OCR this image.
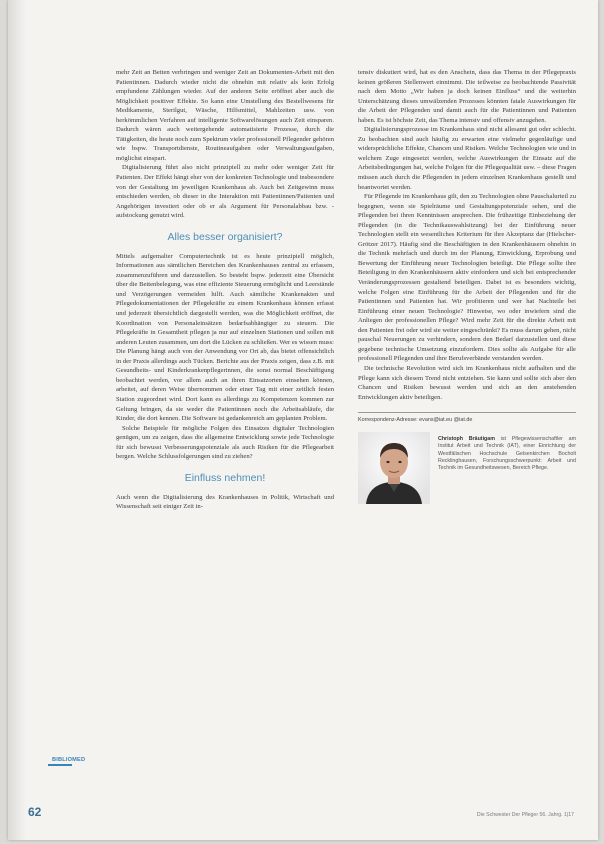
mehr Zeit an Betten verbringen und weniger Zeit an Dokumenten-Arbeit mit den Patientinnen. Dadurch wieder nicht die ohnehin mit relativ als kein Erfolg empfundene Zählungen wieder. Auf der anderen Seite eröffnet aber auch die Möglichkeit positiver Effekte. So kann eine Umstellung des Bestellwesens für Medikamente, Sterilgut, Wäsche, Hilfsmittel, Mahlzeiten usw. von herkömmlichen Verfahren auf intelligente Softwarelösungen auch Zeit einsparen. Dadurch wären auch weitergehende automatisierte Prozesse, durch die Tätigkeiten, die heute noch zum Spektrum vieler professionell Pflegender gehören wie bspw. Transportdienste, Routineaufgaben oder Verwaltungsaufgaben, möglichst einspart.

Digitalisierung führt also nicht prinzipiell zu mehr oder weniger Zeit für Patienten. Der Effekt hängt eher von der konkreten Technologie und insbesondere von der Gestaltung im jeweiligen Krankenhaus ab. Auch bei Zeitgewinn muss entschieden werden, ob dieser in die Interaktion mit Patientinnen/Patienten und Angehörigen investiert oder ob er als Argument für Personalabbau bzw. -aufstockung genutzt wird.

Alles besser organisiert?

Mittels aufgemalter Computertechnik ist es heute prinzipiell möglich, Informationen aus sämtlichen Bereichen des Krankenhauses zentral zu erfassen, zusammenzuführen und darzustellen. So besteht bspw. jederzeit eine Übersicht über die Bettenbelegung, was eine effiziente Steuerung ermöglicht und Leerstände und Verzögerungen vermeiden hilft. Auch sämtliche Krankenakten und Pflegedokumentationen der Pflegekräfte zu einem Krankenhaus können erfasst und jederzeit übersichtlich dargestellt werden, was die Möglichkeit eröffnet, die Koordination von Personaleinsätzen bedarfsabhängiger zu steuern. Die Pflegekräfte in Gesamtheit pflegen ja nur auf einzelnen Stationen und sollen mit anderen Leuten zusammen, um dort die Lücken zu schließen. Wer es wissen muss: Die Planung hängt auch von der Anwendung vor Ort ab, das bietet offensichtlich in der Praxis allerdings auch Tücken. Berichte aus der Praxis zeigen, dass z.B. mit Gesundheits- und Kinderkrankenpflegerinnen, die sonst normal Beschäftigung beobachtet werden, vor allem auch an ihren Einsatzorten einsehen können, arbeitet, auf deren Weise übernommen oder einer Tag mit einer zeitlich festen Station zugeordnet wird. Dort kann es allerdings zu Kompetenzen kommen zur Geltung bringen, da sie weder die Patientinnen noch die Arbeitsabläufe, die Kinder, die dort kennen. Die Software ist gedankenreich am geplanten Problem.

Solche Beispiele für mögliche Folgen des Einsatzes digitaler Technologien genügen, um zu zeigen, dass die allgemeine Entwicklung sowie jede Technologie für sich bewusst Verbesserungspotenziale als auch Risiken für die Pflegearbeit bergen. Welche Schlussfolgerungen sind zu ziehen?

Einfluss nehmen!

Auch wenn die Digitalisierung des Krankenhauses in Politik, Wirtschaft und Wissenschaft seit einiger Zeit in-

tensiv diskutiert wird, hat es den Anschein, dass das Thema in der Pflegepraxis keinen größeren Stellenwert einnimmt. Die teilweise zu beobachtende Passivität nach dem Motto „Wir haben ja doch keinen Einfluss“ und die weiterhin Unterschätzung dieses umwälzenden Prozesses könnten fatale Auswirkungen für die Arbeit der Pflegenden und damit auch für die Patientinnen und Patienten haben. Es ist höchste Zeit, das Thema intensiv und offensiv anzugehen.

Digitalisierungsprozesse im Krankenhaus sind nicht allesamt gut oder schlecht. Zu beobachten sind auch häufig zu erwarten eine vielmehr gegenläufige und widersprüchliche Effekte, Chancen und Risiken. Welche Technologien wie und in welchem Zuge eingesetzt werden, welche Auswirkungen ihr Einsatz auf die Arbeitsbedingungen hat, welche Folgen für die Pflegequalität usw. – diese Fragen müssen auch durch die Pflegenden in jedem einzelnen Krankenhaus gestellt und beantwortet werden.

Für Pflegende im Krankenhaus gilt, den zu Technologien ohne Pauschalurteil zu begegnen, wenn sie Spielräume und Gestaltungspotenziale sehen, und die Pflegenden bei ihren Kenntnissen ansprechen. Die frühzeitige Einbeziehung der Pflegenden (in die Technikauswahlsitzung) bei der Einführung neuer Technologien stellt ein wesentliches Kriterium für ihre Akzeptanz dar (Hielscher-Grötzer 2017). Häufig sind die Beschäftigten in den Krankenhäusern ohnehin in die Technik mehrfach und durch im der Planung, Einwicklung, Erprobung und Bewertung der Einführung neuer Technologien beteiligt. Die Pflege sollte ihre Beteiligung in den Krankenhäusern aktiv einfordern und sich bei entsprechender Veränderungsprozessen gestaltend beteiligen. Dabei ist es besonders wichtig, welche Folgen eine Einführung für die Arbeit der Pflegenden und für die Patientinnen und Patienten hat. Wir profitieren und wer hat Nachteile bei Einführung einer neuen Technologie? Hinweise, wo oder inwiefern sind die Anliegen der professionellen Pflege? Wird mehr Zeit für die direkte Arbeit mit den Patienten frei oder wird sie weiter eingeschränkt? Es muss darum gehen, nicht pauschal Neuerungen zu verhindern, sondern den Bedarf darzustellen und diese gegebene technische Umsetzung einzufordern. Dies sollte als Aufgabe für alle professionell Pflegenden und ihre Berufsverbände verstanden werden.

Die technische Revolution wird sich im Krankenhaus nicht aufhalten und die Pflege kann sich diesem Trend nicht entziehen. Sie kann und sollte sich aber den Chancen und Risiken bewusst werden und sich an den anstehenden Entwicklungen aktiv beteiligen.

Korrespondenz-Adresse: evans@iat.eu @iat.de
Christoph Bräutigam ist Pflegewissenschaftler am Institut Arbeit und Technik (IAT), einer Einrichtung der Westfälischen Hochschule Gelsenkirchen Bocholt Recklinghausen, Forschungsschwerpunkt: Arbeit und Technik im Gesundheitswesen, Bereich Pflege.
BIBLIOMED
62	Die Schwester Der Pfleger 56. Jahrg. 1|17
